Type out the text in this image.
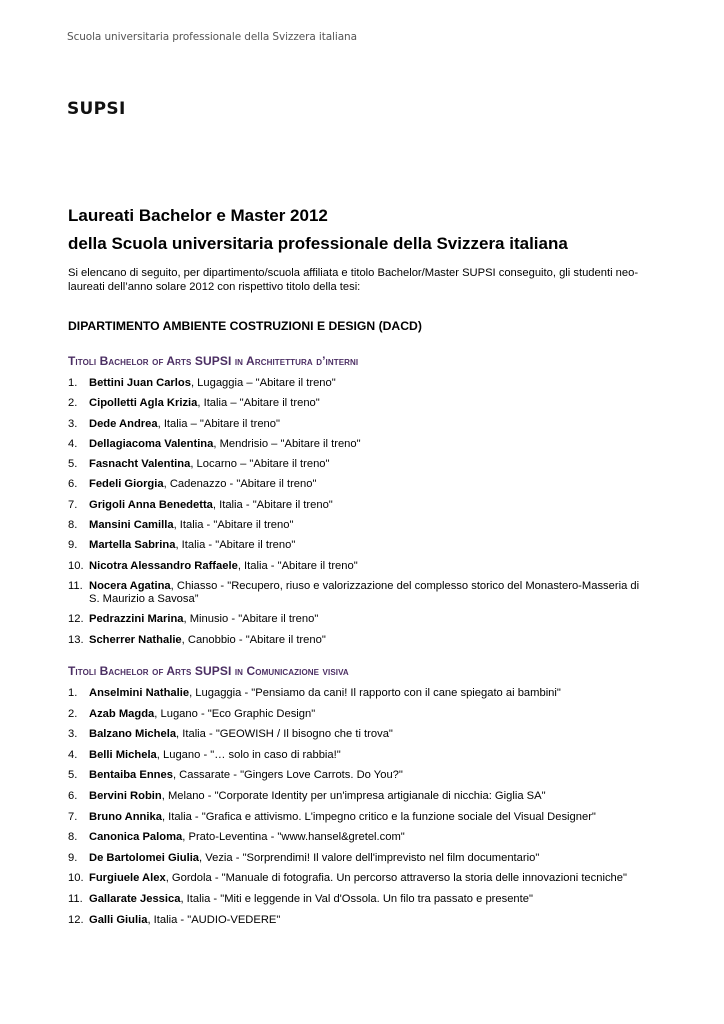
Scuola universitaria professionale della Svizzera italiana
SUPSI
Laureati Bachelor e Master 2012
della Scuola universitaria professionale della Svizzera italiana
Si elencano di seguito, per dipartimento/scuola affiliata e titolo Bachelor/Master SUPSI conseguito, gli studenti neo-laureati dell’anno solare 2012 con rispettivo titolo della tesi:
DIPARTIMENTO AMBIENTE COSTRUZIONI E DESIGN (DACD)
Titoli Bachelor of Arts SUPSI in Architettura d’interni
1. Bettini Juan Carlos, Lugaggia – "Abitare il treno"
2. Cipolletti Agla Krizia, Italia – "Abitare il treno"
3. Dede Andrea, Italia – "Abitare il treno"
4. Dellagiacoma Valentina, Mendrisio – "Abitare il treno"
5. Fasnacht Valentina, Locarno – "Abitare il treno"
6. Fedeli Giorgia, Cadenazzo - "Abitare il treno"
7. Grigoli Anna Benedetta, Italia - "Abitare il treno"
8. Mansini Camilla, Italia - "Abitare il treno"
9. Martella Sabrina, Italia - "Abitare il treno"
10. Nicotra Alessandro Raffaele, Italia - "Abitare il treno"
11. Nocera Agatina, Chiasso - "Recupero, riuso e valorizzazione del complesso storico del Monastero-Masseria di S. Maurizio a Savosa”
12. Pedrazzini Marina, Minusio - "Abitare il treno"
13. Scherrer Nathalie, Canobbio - "Abitare il treno"
Titoli Bachelor of Arts SUPSI in Comunicazione visiva
1. Anselmini Nathalie, Lugaggia - "Pensiamo da cani! Il rapporto con il cane spiegato ai bambini"
2. Azab Magda, Lugano - "Eco Graphic Design"
3. Balzano Michela, Italia - "GEOWISH / Il bisogno che ti trova"
4. Belli Michela, Lugano - "… solo in caso di rabbia!"
5. Bentaiba Ennes, Cassarate - "Gingers Love Carrots. Do You?"
6. Bervini Robin, Melano - "Corporate Identity per un'impresa artigianale di nicchia: Giglia SA"
7. Bruno Annika, Italia - "Grafica e attivismo. L'impegno critico e la funzione sociale del Visual Designer"
8. Canonica Paloma, Prato-Leventina - "www.hansel&gretel.com"
9. De Bartolomei Giulia, Vezia - "Sorprendimi! Il valore dell'imprevisto nel film documentario"
10. Furgiuele Alex, Gordola - "Manuale di fotografia. Un percorso attraverso la storia delle innovazioni tecniche"
11. Gallarate Jessica, Italia - "Miti e leggende in Val d'Ossola. Un filo tra passato e presente"
12. Galli Giulia, Italia - "AUDIO-VEDERE"
